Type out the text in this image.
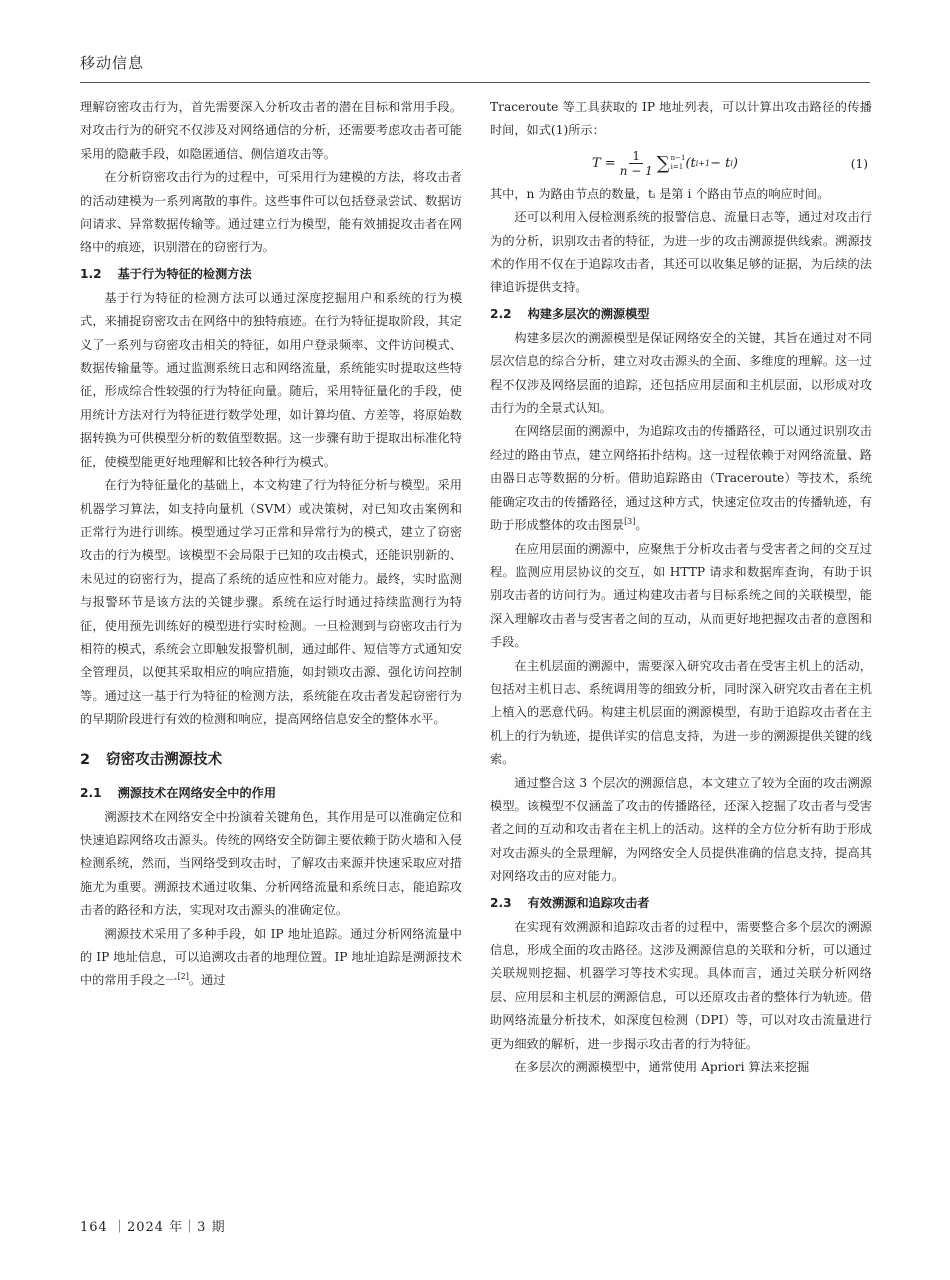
移动信息

理解窃密攻击行为，首先需要深入分析攻击者的潜在目标和常用手段。对攻击行为的研究不仅涉及对网络通信的分析，还需要考虑攻击者可能采用的隐蔽手段，如隐匿通信、侧信道攻击等。

在分析窃密攻击行为的过程中，可采用行为建模的方法，将攻击者的活动建模为一系列离散的事件。这些事件可以包括登录尝试、数据访问请求、异常数据传输等。通过建立行为模型，能有效捕捉攻击者在网络中的痕迹，识别潜在的窃密行为。

1.2 基于行为特征的检测方法

基于行为特征的检测方法可以通过深度挖掘用户和系统的行为模式，来捕捉窃密攻击在网络中的独特痕迹。在行为特征提取阶段，其定义了一系列与窃密攻击相关的特征，如用户登录频率、文件访问模式、数据传输量等。通过监测系统日志和网络流量，系统能实时提取这些特征，形成综合性较强的行为特征向量。随后，采用特征量化的手段，使用统计方法对行为特征进行数学处理，如计算均值、方差等，将原始数据转换为可供模型分析的数值型数据。这一步骤有助于提取出标准化特征，使模型能更好地理解和比较各种行为模式。

在行为特征量化的基础上，本文构建了行为特征分析与模型。采用机器学习算法，如支持向量机（SVM）或决策树，对已知攻击案例和正常行为进行训练。模型通过学习正常和异常行为的模式，建立了窃密攻击的行为模型。该模型不会局限于已知的攻击模式，还能识别新的、未见过的窃密行为，提高了系统的适应性和应对能力。最终，实时监测与报警环节是该方法的关键步骤。系统在运行时通过持续监测行为特征，使用预先训练好的模型进行实时检测。一旦检测到与窃密攻击行为相符的模式，系统会立即触发报警机制，通过邮件、短信等方式通知安全管理员，以便其采取相应的响应措施，如封锁攻击源、强化访问控制等。通过这一基于行为特征的检测方法，系统能在攻击者发起窃密行为的早期阶段进行有效的检测和响应，提高网络信息安全的整体水平。

2 窃密攻击溯源技术
2.1 溯源技术在网络安全中的作用

溯源技术在网络安全中扮演着关键角色，其作用是可以准确定位和快速追踪网络攻击源头。传统的网络安全防御主要依赖于防火墙和入侵检测系统，然而，当网络受到攻击时，了解攻击来源并快速采取应对措施尤为重要。溯源技术通过收集、分析网络流量和系统日志，能追踪攻击者的路径和方法，实现对攻击源头的准确定位。

溯源技术采用了多种手段，如 IP 地址追踪。通过分析网络流量中的 IP 地址信息，可以追溯攻击者的地理位置。IP 地址追踪是溯源技术中的常用手段之一[2]。通过

Traceroute 等工具获取的 IP 地址列表，可以计算出攻击路径的传播时间，如式(1)所示：

$T = \frac{1}{n - 1}$ ∑ n−1
i=1 (t i+1 − t i )	(1)

其中，n 为路由节点的数量，tᵢ 是第 i 个路由节点的响应时间。

还可以利用入侵检测系统的报警信息、流量日志等，通过对攻击行为的分析，识别攻击者的特征，为进一步的攻击溯源提供线索。溯源技术的作用不仅在于追踪攻击者，其还可以收集足够的证据，为后续的法律追诉提供支持。

2.2 构建多层次的溯源模型

构建多层次的溯源模型是保证网络安全的关键，其旨在通过对不同层次信息的综合分析，建立对攻击源头的全面、多维度的理解。这一过程不仅涉及网络层面的追踪，还包括应用层面和主机层面，以形成对攻击行为的全景式认知。

在网络层面的溯源中，为追踪攻击的传播路径，可以通过识别攻击经过的路由节点，建立网络拓扑结构。这一过程依赖于对网络流量、路由器日志等数据的分析。借助追踪路由（Traceroute）等技术，系统能确定攻击的传播路径，通过这种方式，快速定位攻击的传播轨迹，有助于形成整体的攻击图景[3]。

在应用层面的溯源中，应聚焦于分析攻击者与受害者之间的交互过程。监测应用层协议的交互，如 HTTP 请求和数据库查询，有助于识别攻击者的访问行为。通过构建攻击者与目标系统之间的关联模型，能深入理解攻击者与受害者之间的互动，从而更好地把握攻击者的意图和手段。

在主机层面的溯源中，需要深入研究攻击者在受害主机上的活动，包括对主机日志、系统调用等的细致分析，同时深入研究攻击者在主机上植入的恶意代码。构建主机层面的溯源模型，有助于追踪攻击者在主机上的行为轨迹，提供详实的信息支持，为进一步的溯源提供关键的线索。

通过整合这 3 个层次的溯源信息，本文建立了较为全面的攻击溯源模型。该模型不仅涵盖了攻击的传播路径，还深入挖掘了攻击者与受害者之间的互动和攻击者在主机上的活动。这样的全方位分析有助于形成对攻击源头的全景理解，为网络安全人员提供准确的信息支持，提高其对网络攻击的应对能力。

2.3 有效溯源和追踪攻击者

在实现有效溯源和追踪攻击者的过程中，需要整合多个层次的溯源信息，形成全面的攻击路径。这涉及溯源信息的关联和分析，可以通过关联规则挖掘、机器学习等技术实现。具体而言，通过关联分析网络层、应用层和主机层的溯源信息，可以还原攻击者的整体行为轨迹。借助网络流量分析技术，如深度包检测（DPI）等，可以对攻击流量进行更为细致的解析，进一步揭示攻击者的行为特征。

在多层次的溯源模型中，通常使用 Apriori 算法来挖掘

164 ｜2024 年｜3 期
